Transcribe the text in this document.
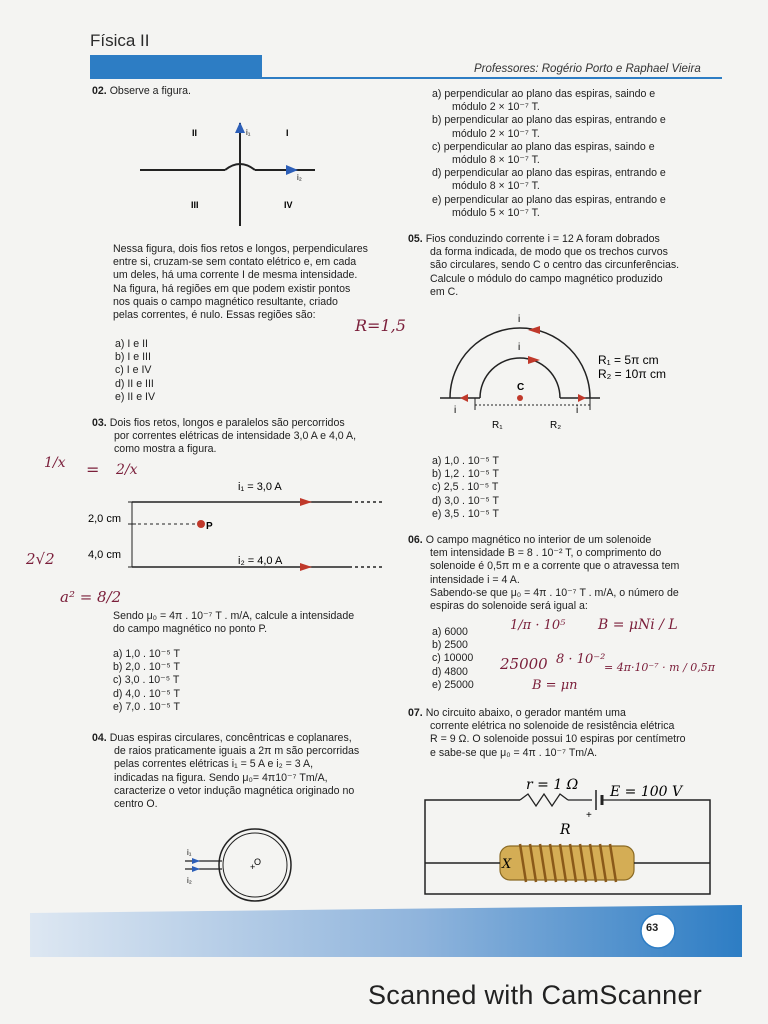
Física II
Professores: Rogério Porto e Raphael Vieira
02. Observe a figura.
II	I
III	IV
i₁
i₂
Nessa figura, dois fios retos e longos, perpendiculares
entre si, cruzam-se sem contato elétrico e, em cada
um deles, há uma corrente I de mesma intensidade.
Na figura, há regiões em que podem existir pontos
nos quais o campo magnético resultante, criado
pelas correntes, é nulo. Essas regiões são:
a) I e II
b) I e III
c) I e IV
d) II e III
e) II e IV
03. Dois fios retos, longos e paralelos são percorridos
por correntes elétricas de intensidade 3,0 A e 4,0 A,
como mostra a figura.
i₁ = 3,0 A
i₂ = 4,0 A
2,0 cm
4,0 cm
P
Sendo μ₀ = 4π . 10⁻⁷ T . m/A, calcule a intensidade
do campo magnético no ponto P.
a) 1,0 . 10⁻⁵ T
b) 2,0 . 10⁻⁵ T
c) 3,0 . 10⁻⁵ T
d) 4,0 . 10⁻⁵ T
e) 7,0 . 10⁻⁵ T
04. Duas espiras circulares, concêntricas e coplanares,
de raios praticamente iguais a 2π m são percorridas
pelas correntes elétricas i₁ = 5 A e i₂ = 3 A,
indicadas na figura. Sendo μ₀= 4π10⁻⁷ Tm/A,
caracterize o vetor indução magnética originado no
centro O.
i₁
i₂
O
+
a) perpendicular ao plano das espiras, saindo e
módulo 2 × 10⁻⁷ T.
b) perpendicular ao plano das espiras, entrando e
módulo 2 × 10⁻⁷ T.
c) perpendicular ao plano das espiras, saindo e
módulo 8 × 10⁻⁷ T.
d) perpendicular ao plano das espiras, entrando e
módulo 8 × 10⁻⁷ T.
e) perpendicular ao plano das espiras, entrando e
módulo 5 × 10⁻⁷ T.
05. Fios conduzindo corrente i = 12 A foram dobrados
da forma indicada, de modo que os trechos curvos
são circulares, sendo C o centro das circunferências.
Calcule o módulo do campo magnético produzido
em C.
C
i
i
i	i
R₁	R₂
R₁ = 5π cm
R₂ = 10π cm
a) 1,0 . 10⁻⁵ T
b) 1,2 . 10⁻⁵ T
c) 2,5 . 10⁻⁵ T
d) 3,0 . 10⁻⁵ T
e) 3,5 . 10⁻⁵ T
06. O campo magnético no interior de um solenoide
tem intensidade B = 8 . 10⁻² T, o comprimento do
solenoide é 0,5π m e a corrente que o atravessa tem
intensidade i = 4 A.
Sabendo-se que μ₀ = 4π . 10⁻⁷ T . m/A, o número de
espiras do solenoide será igual a:
a) 6000
b) 2500
c) 10000
d) 4800
e) 25000
07. No circuito abaixo, o gerador mantém uma
corrente elétrica no solenoide de resistência elétrica
R = 9 Ω. O solenoide possui 10 espiras por centímetro
e sabe-se que μ₀ = 4π . 10⁻⁷ Tm/A.
+
r = 1 Ω E = 100 V
R
X
63
R=1,5
1/x = 2/x
2√2
a² = 8/2
1/π · 10⁵ B = μNi / L
25000 8 · 10⁻²
= 4π·10⁻⁷ · m / 0,5π
B = μn
Scanned with CamScanner
